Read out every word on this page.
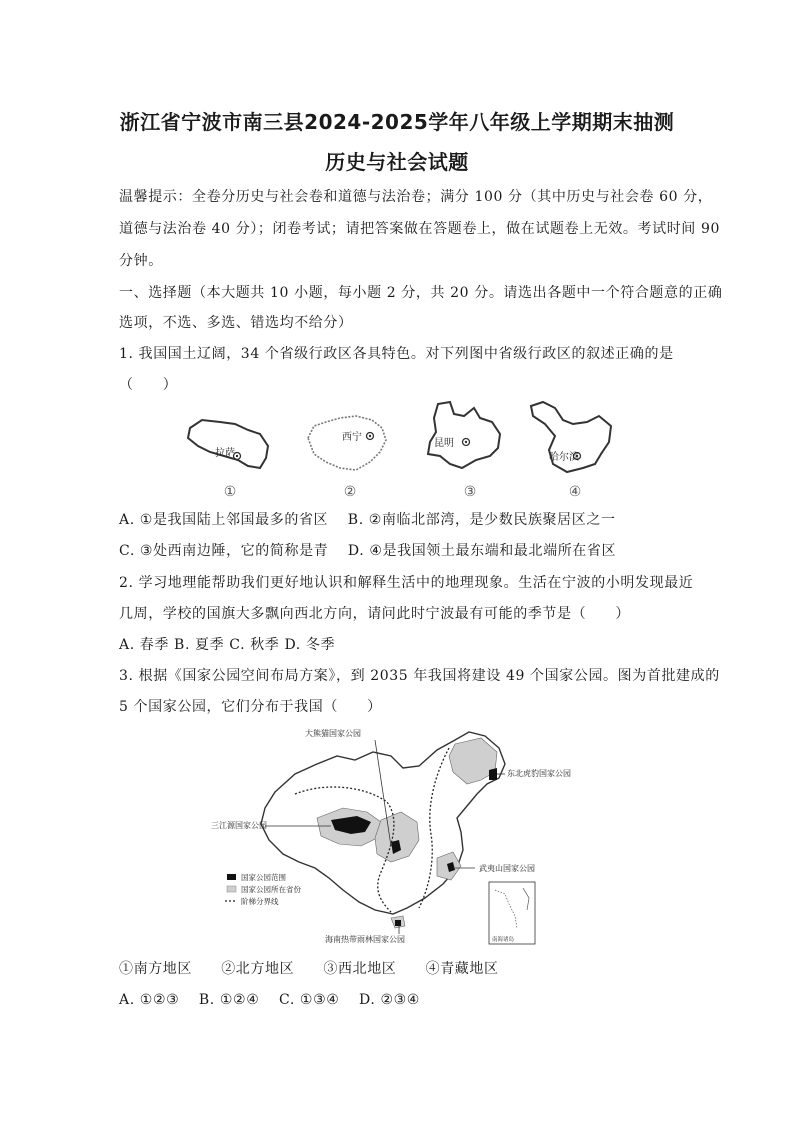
浙江省宁波市南三县2024-2025学年八年级上学期期末抽测
历史与社会试题
温馨提示：全卷分历史与社会卷和道德与法治卷；满分 100 分（其中历史与社会卷 60 分，
道德与法治卷 40 分）；闭卷考试；请把答案做在答题卷上，做在试题卷上无效。考试时间 90
分钟。
一、选择题（本大题共 10 小题，每小题 2 分，共 20 分。请选出各题中一个符合题意的正确
选项，不选、多选、错选均不给分）
1. 我国国土辽阔，34 个省级行政区各具特色。对下列图中省级行政区的叙述正确的是
（　　）
拉萨
①
西宁
②
昆明
③
哈尔滨
④
A. ①是我国陆上邻国最多的省区　 B. ②南临北部湾，是少数民族聚居区之一
C. ③处西南边陲，它的简称是青　 D. ④是我国领土最东端和最北端所在省区
2. 学习地理能帮助我们更好地认识和解释生活中的地理现象。生活在宁波的小明发现最近
几周，学校的国旗大多飘向西北方向，请问此时宁波最有可能的季节是（　　）
A. 春季 B. 夏季 C. 秋季 D. 冬季
3. 根据《国家公园空间布局方案》，到 2035 年我国将建设 49 个国家公园。图为首批建成的
5 个国家公园，它们分布于我国（　　）
大熊猫国家公园
东北虎豹国家公园
三江源国家公园
武夷山国家公园
海南热带雨林国家公园
国家公园范围
国家公园所在省份
阶梯分界线
南海诸岛
①南方地区　　②北方地区　　③西北地区　　④青藏地区
A. ①②③　 B. ①②④　 C. ①③④　 D. ②③④
